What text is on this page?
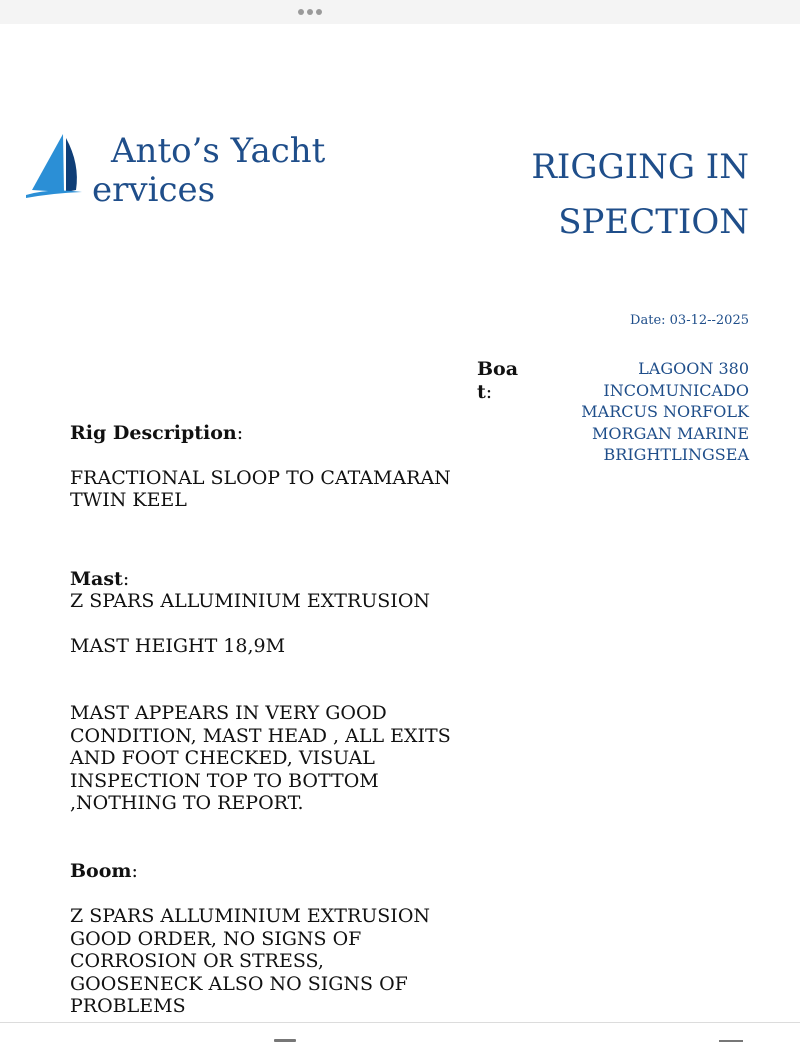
Anto’s Yacht
ervices
RIGGING INSPECTION
Date: 03-12--2025
Boat:
LAGOON 380
INCOMUNICADO
MARCUS NORFOLK
MORGAN MARINE
BRIGHTLINGSEA
Rig Description:

FRACTIONAL SLOOP TO CATAMARAN TWIN KEEL

Mast:

Z SPARS ALLUMINIUM EXTRUSION

MAST HEIGHT 18,9M

MAST APPEARS IN VERY GOOD CONDITION, MAST HEAD , ALL EXITS AND FOOT CHECKED, VISUAL INSPECTION TOP TO BOTTOM ,NOTHING TO REPORT.

Boom:

Z SPARS ALLUMINIUM EXTRUSION

GOOD ORDER, NO SIGNS OF CORROSION OR STRESS, GOOSENECK ALSO NO SIGNS OF PROBLEMS
